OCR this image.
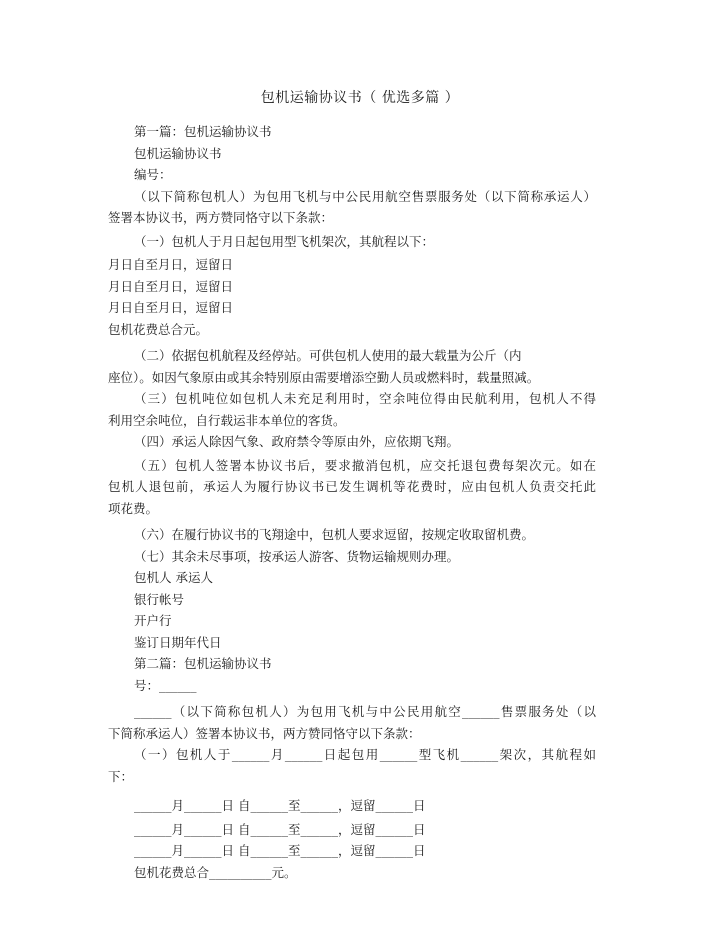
包机运输协议书（ 优选多篇 ）
第一篇：包机运输协议书
包机运输协议书
编号：
（以下简称包机人）为包用飞机与中公民用航空售票服务处（以下简称承运人）
签署本协议书，两方赞同恪守以下条款：
（一）包机人于月日起包用型飞机架次，其航程以下：
月日自至月日，逗留日
月日自至月日，逗留日
月日自至月日，逗留日
包机花费总合元。
（二）依据包机航程及经停站。可供包机人使用的最大载量为公斤（内
座位）。如因气象原由或其余特别原由需要增添空勤人员或燃料时，载量照减。
（三）包机吨位如包机人未充足利用时，空余吨位得由民航利用，包机人不得
利用空余吨位，自行载运非本单位的客货。
（四）承运人除因气象、政府禁令等原由外，应依期飞翔。
（五）包机人签署本协议书后，要求撤消包机，应交托退包费每架次元。如在
包机人退包前，承运人为履行协议书已发生调机等花费时，应由包机人负责交托此
项花费。
（六）在履行协议书的飞翔途中，包机人要求逗留，按规定收取留机费。
（七）其余未尽事项，按承运人游客、货物运输规则办理。
包机人 承运人
银行帐号
开户行
鉴订日期年代日
第二篇：包机运输协议书
号：______
______（以下简称包机人）为包用飞机与中公民用航空______售票服务处（以
下简称承运人）签署本协议书，两方赞同恪守以下条款：
（一）包机人于______月______日起包用______型飞机______架次，其航程如
下：
______月______日 自______至______，逗留______日
______月______日 自______至______，逗留______日
______月______日 自______至______，逗留______日
包机花费总合__________元。
